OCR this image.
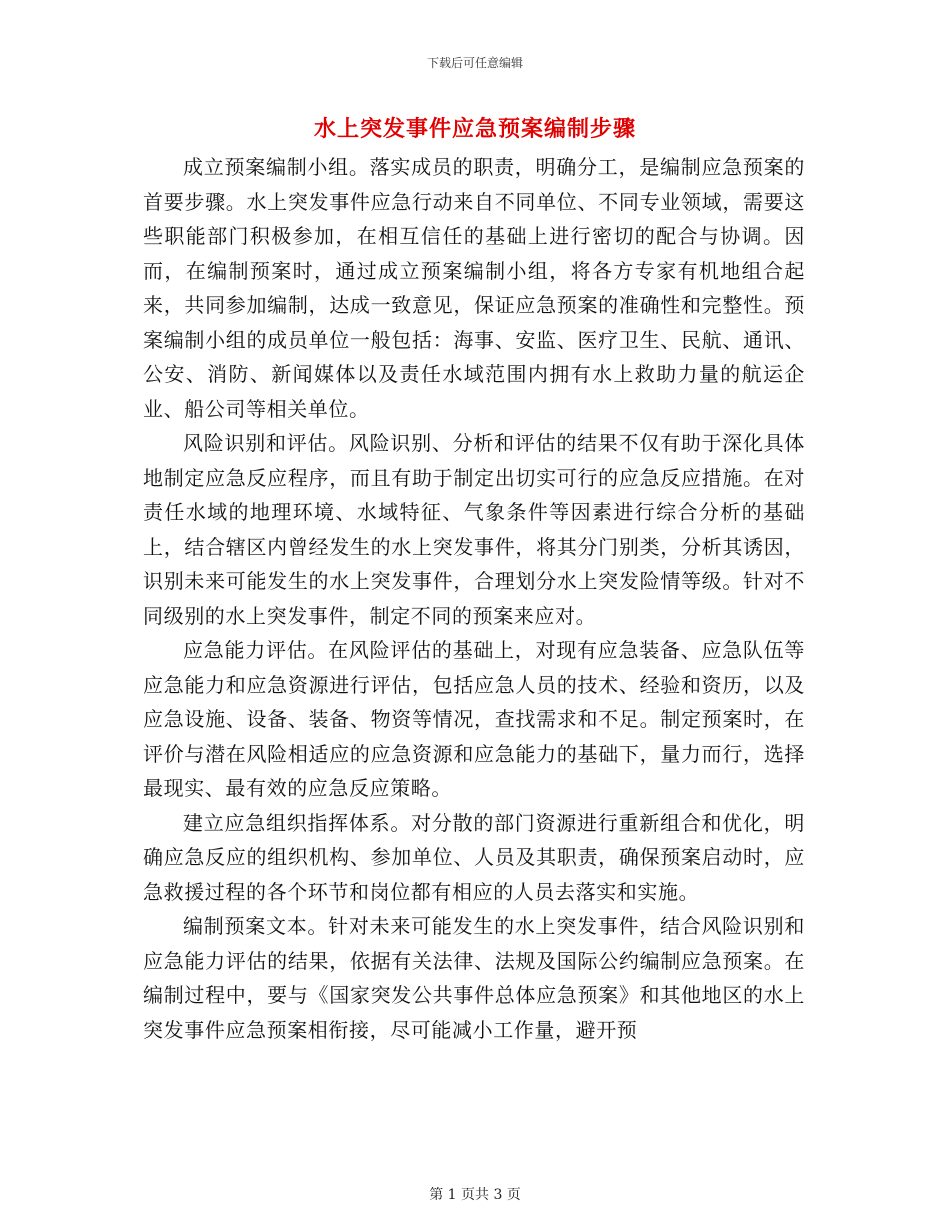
下载后可任意编辑
水上突发事件应急预案编制步骤

成立预案编制小组。落实成员的职责，明确分工，是编制应急预案的首要步骤。水上突发事件应急行动来自不同单位、不同专业领域，需要这些职能部门积极参加，在相互信任的基础上进行密切的配合与协调。因而，在编制预案时，通过成立预案编制小组，将各方专家有机地组合起来，共同参加编制，达成一致意见，保证应急预案的准确性和完整性。预案编制小组的成员单位一般包括：海事、安监、医疗卫生、民航、通讯、公安、消防、新闻媒体以及责任水域范围内拥有水上救助力量的航运企业、船公司等相关单位。

风险识别和评估。风险识别、分析和评估的结果不仅有助于深化具体地制定应急反应程序，而且有助于制定出切实可行的应急反应措施。在对责任水域的地理环境、水域特征、气象条件等因素进行综合分析的基础上，结合辖区内曾经发生的水上突发事件，将其分门别类，分析其诱因，识别未来可能发生的水上突发事件，合理划分水上突发险情等级。针对不同级别的水上突发事件，制定不同的预案来应对。

应急能力评估。在风险评估的基础上，对现有应急装备、应急队伍等应急能力和应急资源进行评估，包括应急人员的技术、经验和资历，以及应急设施、设备、装备、物资等情况，查找需求和不足。制定预案时，在评价与潜在风险相适应的应急资源和应急能力的基础下，量力而行，选择最现实、最有效的应急反应策略。

建立应急组织指挥体系。对分散的部门资源进行重新组合和优化，明确应急反应的组织机构、参加单位、人员及其职责，确保预案启动时，应急救援过程的各个环节和岗位都有相应的人员去落实和实施。

编制预案文本。针对未来可能发生的水上突发事件，结合风险识别和应急能力评估的结果，依据有关法律、法规及国际公约编制应急预案。在编制过程中，要与《国家突发公共事件总体应急预案》和其他地区的水上突发事件应急预案相衔接，尽可能减小工作量，避开预

第 1 页共 3 页
